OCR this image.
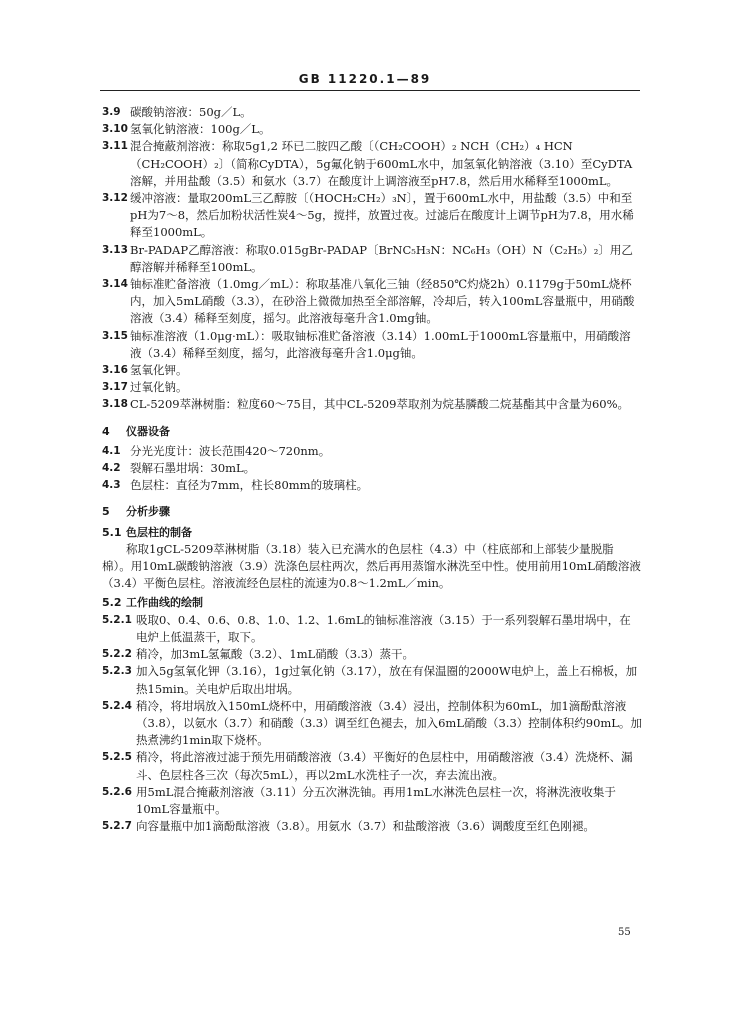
GB 11220.1—89
3.9 碳酸钠溶液：50g／L。
3.10 氢氧化钠溶液：100g／L。
3.11 混合掩蔽剂溶液：称取5g1,2 环已二胺四乙酸〔（CH₂COOH）₂ NCH（CH₂）₄ HCN（CH₂COOH）₂〕（简称CyDTA），5g氟化钠于600mL水中，加氢氧化钠溶液（3.10）至CyDTA溶解，并用盐酸（3.5）和氨水（3.7）在酸度计上调溶液至pH7.8，然后用水稀释至1000mL。
3.12 缓冲溶液：量取200mL三乙醇胺〔（HOCH₂CH₂）₃N〕，置于600mL水中，用盐酸（3.5）中和至pH为7～8，然后加粉状活性炭4～5g，搅拌，放置过夜。过滤后在酸度计上调节pH为7.8，用水稀释至1000mL。
3.13 Br-PADAP乙醇溶液：称取0.015gBr-PADAP〔BrNC₅H₃N：NC₆H₃（OH）N（C₂H₅）₂〕用乙醇溶解并稀释至100mL。
3.14 铀标准贮备溶液（1.0mg／mL）：称取基准八氧化三铀（经850℃灼烧2h）0.1179g于50mL烧杯内，加入5mL硝酸（3.3），在砂浴上微微加热至全部溶解，冷却后，转入100mL容量瓶中，用硝酸溶液（3.4）稀释至刻度，摇匀。此溶液每毫升含1.0mg铀。
3.15 铀标准溶液（1.0μg·mL）：吸取铀标准贮备溶液（3.14）1.00mL于1000mL容量瓶中，用硝酸溶液（3.4）稀释至刻度，摇匀，此溶液每毫升含1.0μg铀。
3.16 氢氧化钾。
3.17 过氧化钠。
3.18 CL-5209萃淋树脂：粒度60～75目，其中CL-5209萃取剂为烷基膦酸二烷基酯其中含量为60%。
4 仪器设备
4.1 分光光度计：波长范围420～720nm。
4.2 裂解石墨坩埚：30mL。
4.3 色层柱：直径为7mm，柱长80mm的玻璃柱。
5 分析步骤
5.1 色层柱的制备
称取1gCL-5209萃淋树脂（3.18）装入已充满水的色层柱（4.3）中（柱底部和上部装少量脱脂棉）。用10mL碳酸钠溶液（3.9）洗涤色层柱两次，然后再用蒸馏水淋洗至中性。使用前用10mL硝酸溶液（3.4）平衡色层柱。溶液流经色层柱的流速为0.8～1.2mL／min。
5.2 工作曲线的绘制
5.2.1 吸取0、0.4、0.6、0.8、1.0、1.2、1.6mL的铀标准溶液（3.15）于一系列裂解石墨坩埚中，在电炉上低温蒸干，取下。
5.2.2 稍冷，加3mL氢氟酸（3.2）、1mL硝酸（3.3）蒸干。
5.2.3 加入5g氢氧化钾（3.16），1g过氧化钠（3.17），放在有保温圈的2000W电炉上，盖上石棉板，加热15min。关电炉后取出坩埚。
5.2.4 稍冷，将坩埚放入150mL烧杯中，用硝酸溶液（3.4）浸出，控制体积为60mL，加1滴酚酞溶液（3.8），以氨水（3.7）和硝酸（3.3）调至红色褪去，加入6mL硝酸（3.3）控制体积约90mL。加热煮沸约1min取下烧杯。
5.2.5 稍冷，将此溶液过滤于预先用硝酸溶液（3.4）平衡好的色层柱中，用硝酸溶液（3.4）洗烧杯、漏斗、色层柱各三次（每次5mL），再以2mL水洗柱子一次，弃去流出液。
5.2.6 用5mL混合掩蔽剂溶液（3.11）分五次淋洗铀。再用1mL水淋洗色层柱一次，将淋洗液收集于10mL容量瓶中。
5.2.7 向容量瓶中加1滴酚酞溶液（3.8）。用氨水（3.7）和盐酸溶液（3.6）调酸度至红色刚褪。
55
